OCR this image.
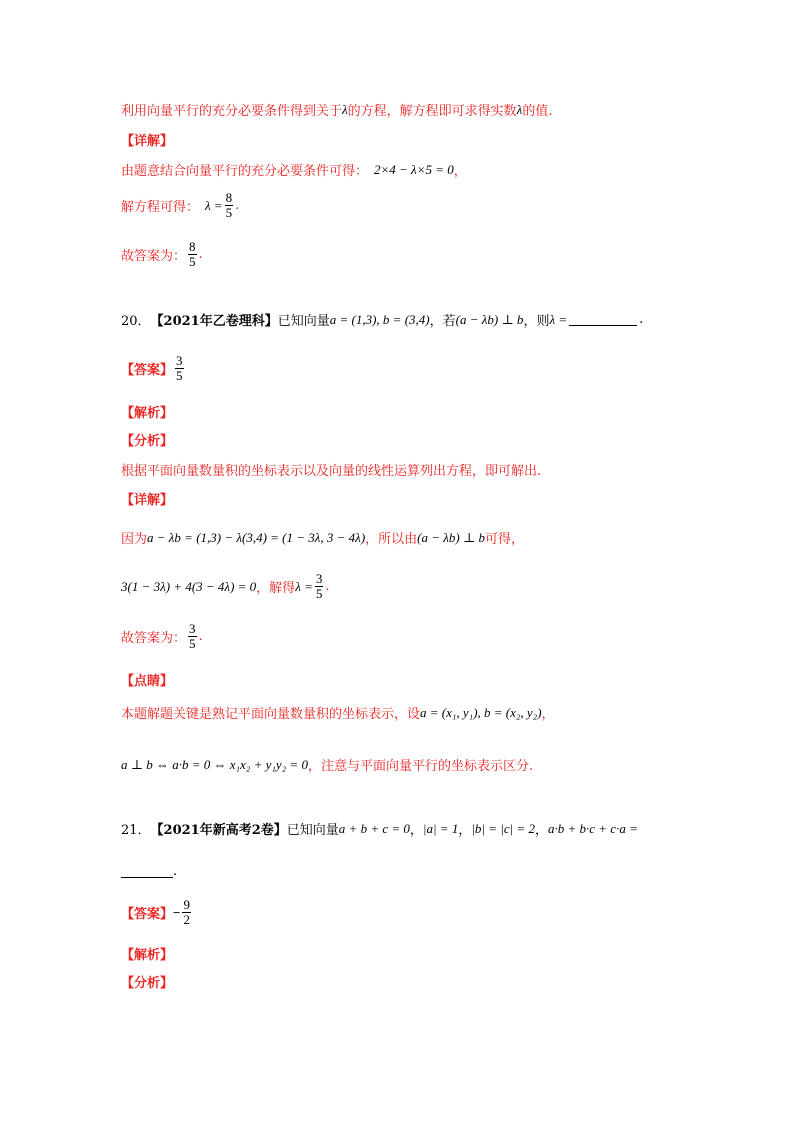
利用向量平行的充分必要条件得到关于 λ 的方程，解方程即可求得实数 λ 的值.
【详解】
由题意结合向量平行的充分必要条件可得： 2×4 − λ×5 = 0 ，
解方程可得： $\lambda = \frac{8}{5}$ .
故答案为： $\frac{8}{5}$ .
20． 【2021年乙卷理科】 已知向量 a = (1,3), b = (3,4) ，若 (a − λb) ⊥ b ，则 λ =	.
【答案】 $\frac{3}{5}$
【解析】
【分析】
根据平面向量数量积的坐标表示以及向量的线性运算列出方程，即可解出.
【详解】
因为 a − λb = (1,3) − λ(3,4) = (1 − 3λ, 3 − 4λ) ，所以由 (a − λb) ⊥ b 可得，
3(1 − 3λ) + 4(3 − 4λ) = 0 ，解得 $\lambda = \frac{3}{5}$ .
故答案为： $\frac{3}{5}$ .
【点睛】
本题解题关键是熟记平面向量数量积的坐标表示，设 a = (x₁, y₁), b = (x₂, y₂) ，
a ⊥ b ⇔ a·b = 0 ⇔ x₁x₂ + y₁y₂ = 0 ，注意与平面向量平行的坐标表示区分.
21． 【2021年新高考2卷】 已知向量 a + b + c = 0 ， |a| = 1 ， |b| = |c| = 2 ， a·b + b·c + c·a =
.
【答案】 − $\frac{9}{2}$
【解析】
【分析】
